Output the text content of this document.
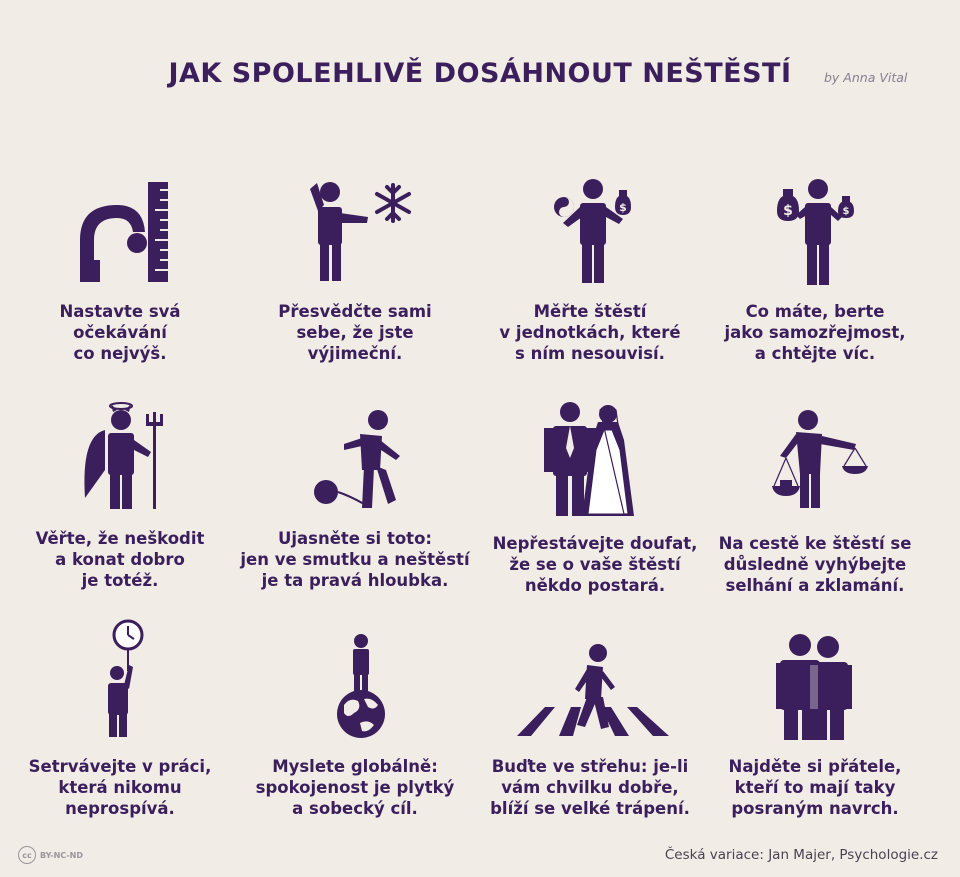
JAK SPOLEHLIVĚ DOSÁHNOUT NEŠTĚSTÍ	by Anna Vital
Nastavte svá
očekávání
co nejvýš.
Přesvědčte sami
sebe, že jste
výjimeční.
$
Měřte štěstí
v jednotkách, které
s ním nesouvisí.
$	$
Co máte, berte
jako samozřejmost,
a chtějte víc.
Věřte, že neškodit
a konat dobro
je totéž.
Ujasněte si toto:
jen ve smutku a neštěstí
je ta pravá hloubka.
Nepřestávejte doufat,
že se o vaše štěstí
někdo postará.
Na cestě ke štěstí se
důsledně vyhýbejte
selhání a zklamání.
Setrvávejte v práci,
která nikomu
neprospívá.
Myslete globálně:
spokojenost je plytký
a sobecký cíl.
Buďte ve střehu: je-li
vám chvilku dobře,
blíží se velké trápení.
Najděte si přátele,
kteří to mají taky
posraným navrch.
cc	BY-NC-ND	Česká variace: Jan Majer, Psychologie.cz
